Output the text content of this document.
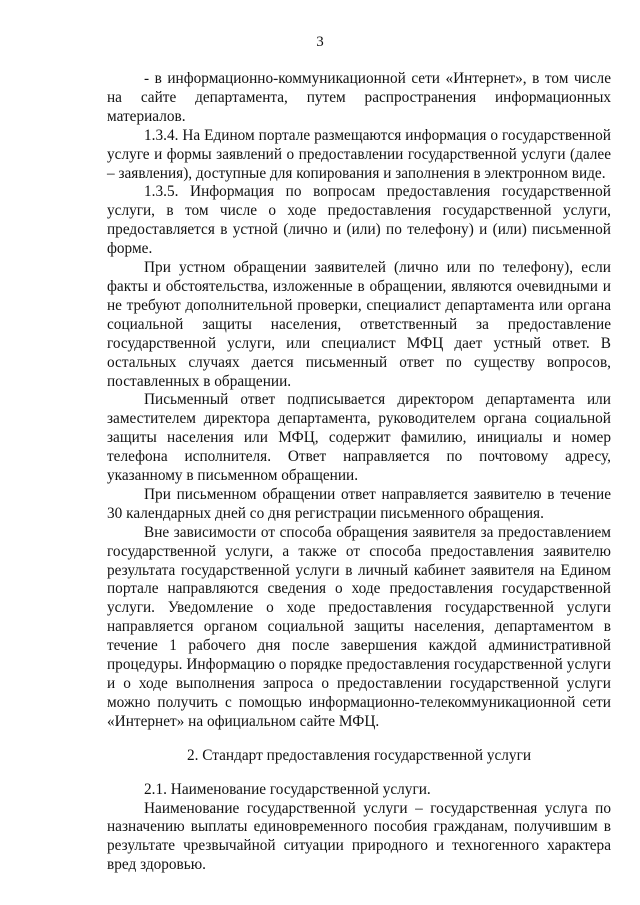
3

- в информационно-коммуникационной сети «Интернет», в том числе на сайте департамента, путем распространения информационных материалов.

1.3.4. На Едином портале размещаются информация о государственной услуге и формы заявлений о предоставлении государственной услуги (далее – заявления), доступные для копирования и заполнения в электронном виде.

1.3.5. Информация по вопросам предоставления государственной услуги, в том числе о ходе предоставления государственной услуги, предоставляется в устной (лично и (или) по телефону) и (или) письменной форме.

При устном обращении заявителей (лично или по телефону), если факты и обстоятельства, изложенные в обращении, являются очевидными и не требуют дополнительной проверки, специалист департамента или органа социальной защиты населения, ответственный за предоставление государственной услуги, или специалист МФЦ дает устный ответ. В остальных случаях дается письменный ответ по существу вопросов, поставленных в обращении.

Письменный ответ подписывается директором департамента или заместителем директора департамента, руководителем органа социальной защиты населения или МФЦ, содержит фамилию, инициалы и номер телефона исполнителя. Ответ направляется по почтовому адресу, указанному в письменном обращении.

При письменном обращении ответ направляется заявителю в течение 30 календарных дней со дня регистрации письменного обращения.

Вне зависимости от способа обращения заявителя за предоставлением государственной услуги, а также от способа предоставления заявителю результата государственной услуги в личный кабинет заявителя на Едином портале направляются сведения о ходе предоставления государственной услуги. Уведомление о ходе предоставления государственной услуги направляется органом социальной защиты населения, департаментом в течение 1 рабочего дня после завершения каждой административной процедуры. Информацию о порядке предоставления государственной услуги и о ходе выполнения запроса о предоставлении государственной услуги можно получить с помощью информационно-телекоммуникационной сети «Интернет» на официальном сайте МФЦ.

2. Стандарт предоставления государственной услуги

2.1. Наименование государственной услуги.

Наименование государственной услуги – государственная услуга по назначению выплаты единовременного пособия гражданам, получившим в результате чрезвычайной ситуации природного и техногенного характера вред здоровью.
